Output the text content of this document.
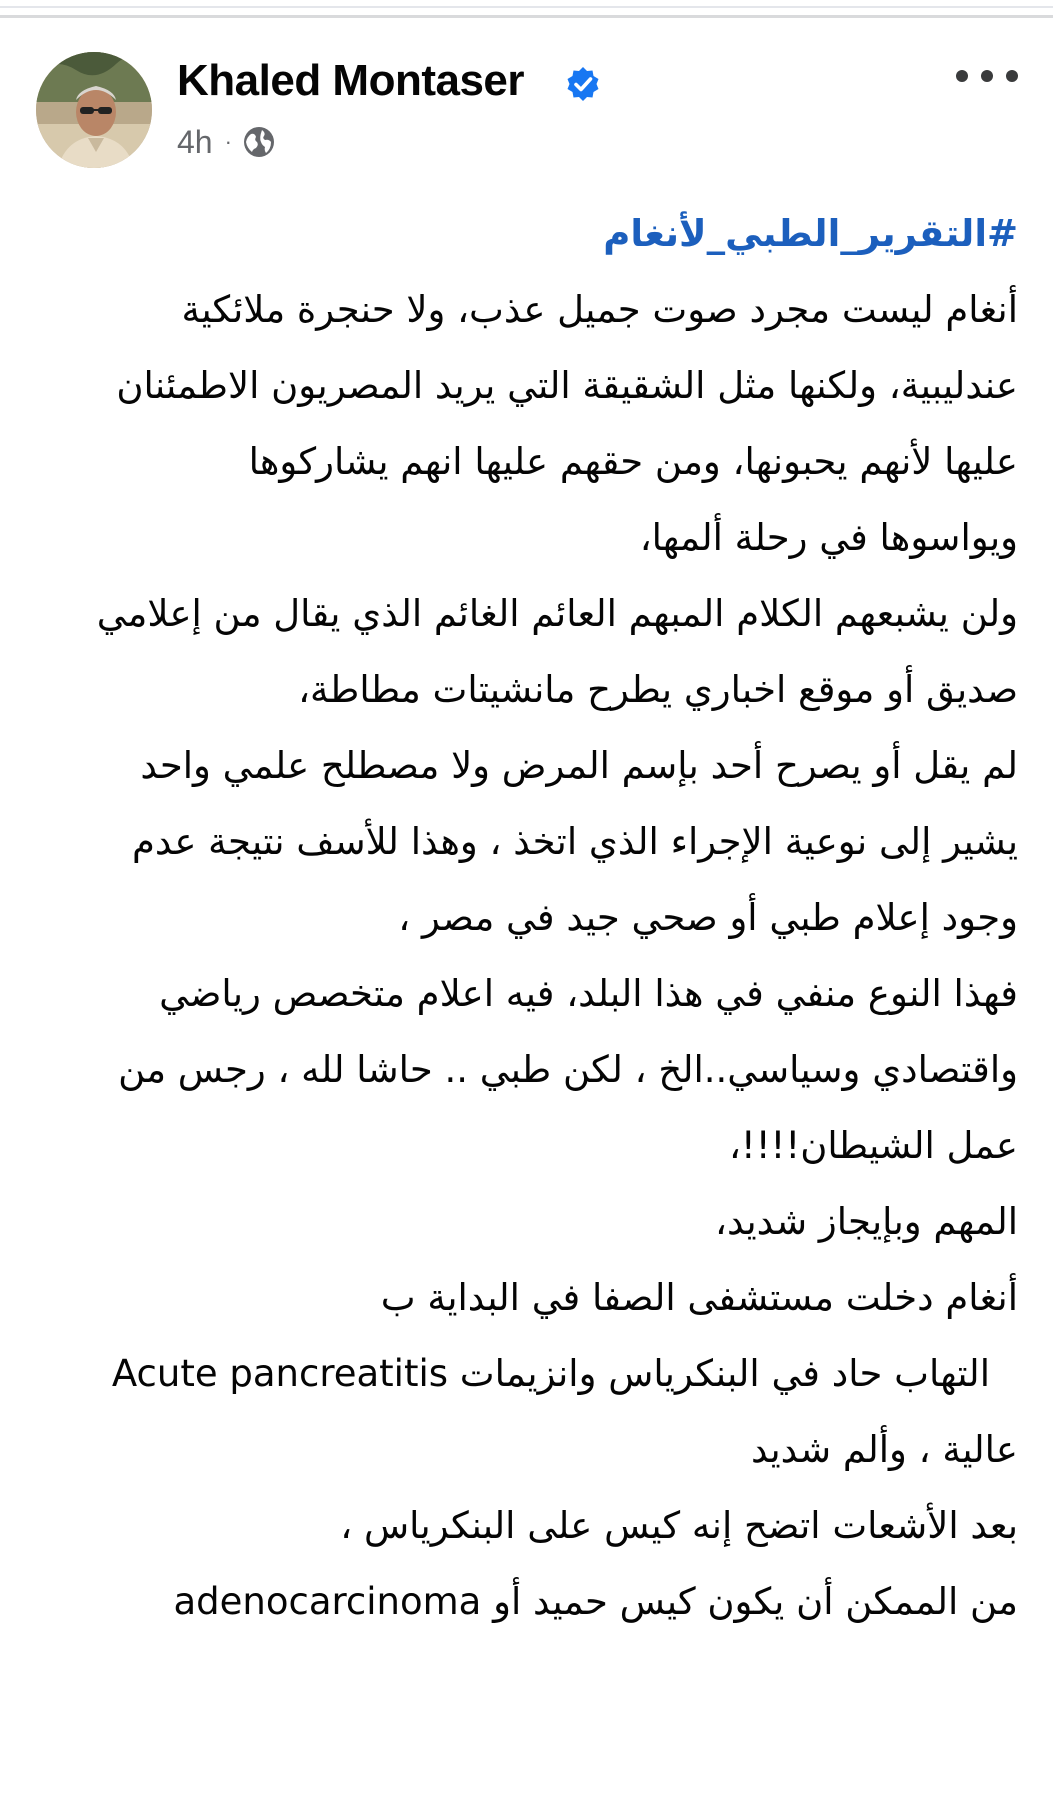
Khaled Montaser
4h ·
#التقرير_الطبي_لأنغام
أنغام ليست مجرد صوت جميل عذب، ولا حنجرة ملائكية
عندليبية، ولكنها مثل الشقيقة التي يريد المصريون الاطمئنان
عليها لأنهم يحبونها، ومن حقهم عليها انهم يشاركوها
ويواسوها في رحلة ألمها،
ولن يشبعهم الكلام المبهم العائم الغائم الذي يقال من إعلامي
صديق أو موقع اخباري يطرح مانشيتات مطاطة،
لم يقل أو يصرح أحد بإسم المرض ولا مصطلح علمي واحد
يشير إلى نوعية الإجراء الذي اتخذ ، وهذا للأسف نتيجة عدم
وجود إعلام طبي أو صحي جيد في مصر ،
فهذا النوع منفي في هذا البلد، فيه اعلام متخصص رياضي
واقتصادي وسياسي..الخ ، لكن طبي .. حاشا لله ، رجس من
عمل الشيطان!!!!،
المهم وبإيجاز شديد،
أنغام دخلت مستشفى الصفا في البداية ب
التهاب حاد في البنكرياس وانزيمات Acute pancreatitis
عالية ، وألم شديد
بعد الأشعات اتضح إنه كيس على البنكرياس ،
من الممكن أن يكون كيس حميد أو adenocarcinoma
